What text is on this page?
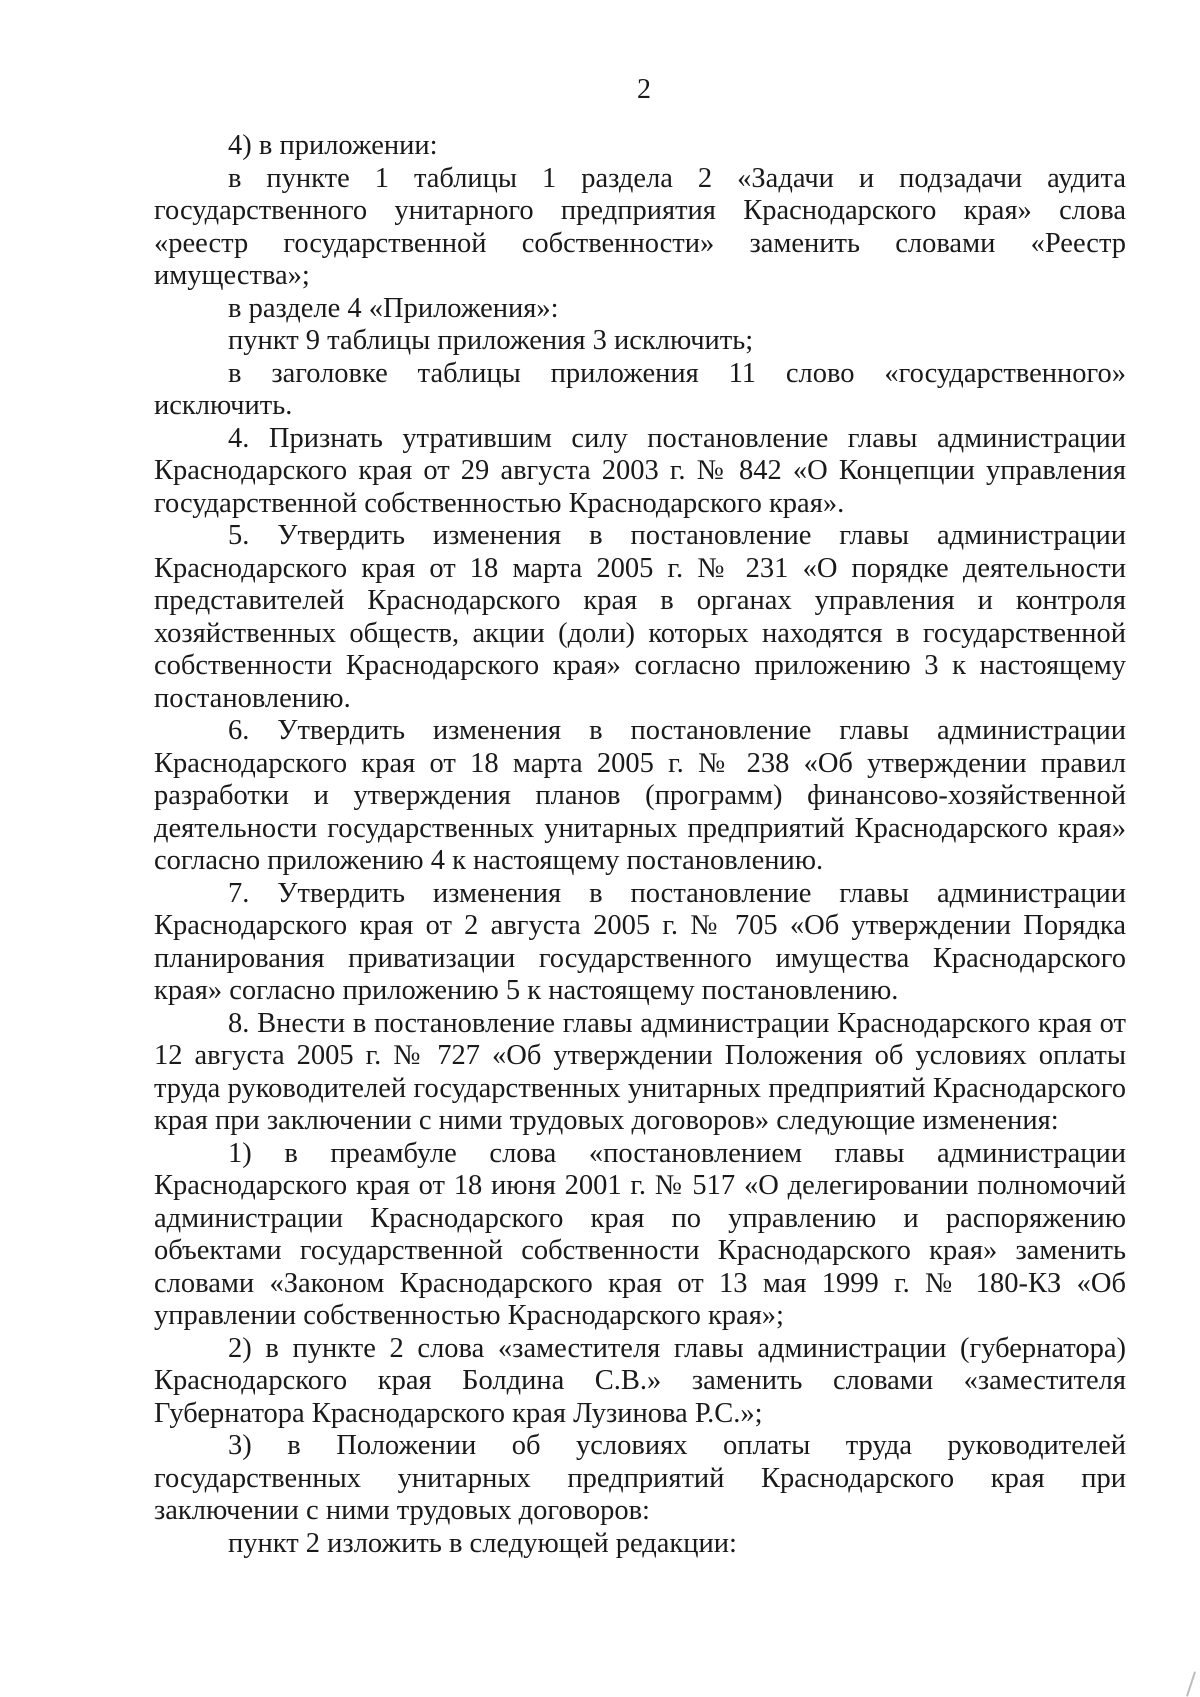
2

4) в приложении:

в пункте 1 таблицы 1 раздела 2 «Задачи и подзадачи аудита государственного унитарного предприятия Краснодарского края» слова «реестр государственной собственности» заменить словами «Реестр имущества»;

в разделе 4 «Приложения»:

пункт 9 таблицы приложения 3 исключить;

в заголовке таблицы приложения 11 слово «государственного» исключить.

4. Признать утратившим силу постановление главы администрации Краснодарского края от 29 августа 2003 г. № 842 «О Концепции управления государственной собственностью Краснодарского края».

5. Утвердить изменения в постановление главы администрации Краснодарского края от 18 марта 2005 г. № 231 «О порядке деятельности представителей Краснодарского края в органах управления и контроля хозяйственных обществ, акции (доли) которых находятся в государственной собственности Краснодарского края» согласно приложению 3 к настоящему постановлению.

6. Утвердить изменения в постановление главы администрации Краснодарского края от 18 марта 2005 г. № 238 «Об утверждении правил разработки и утверждения планов (программ) финансово-хозяйственной деятельности государственных унитарных предприятий Краснодарского края» согласно приложению 4 к настоящему постановлению.

7. Утвердить изменения в постановление главы администрации Краснодарского края от 2 августа 2005 г. № 705 «Об утверждении Порядка планирования приватизации государственного имущества Краснодарского края» согласно приложению 5 к настоящему постановлению.

8. Внести в постановление главы администрации Краснодарского края от 12 августа 2005 г. № 727 «Об утверждении Положения об условиях оплаты труда руководителей государственных унитарных предприятий Краснодарского края при заключении с ними трудовых договоров» следующие изменения:

1) в преамбуле слова «постановлением главы администрации Краснодарского края от 18 июня 2001 г. № 517 «О делегировании полномочий администрации Краснодарского края по управлению и распоряжению объектами государственной собственности Краснодарского края» заменить словами «Законом Краснодарского края от 13 мая 1999 г. № 180-КЗ «Об управлении собственностью Краснодарского края»;

2) в пункте 2 слова «заместителя главы администрации (губернатора) Краснодарского края Болдина С.В.» заменить словами «заместителя Губернатора Краснодарского края Лузинова Р.С.»;

3) в Положении об условиях оплаты труда руководителей государственных унитарных предприятий Краснодарского края при заключении с ними трудовых договоров:

пункт 2 изложить в следующей редакции:
